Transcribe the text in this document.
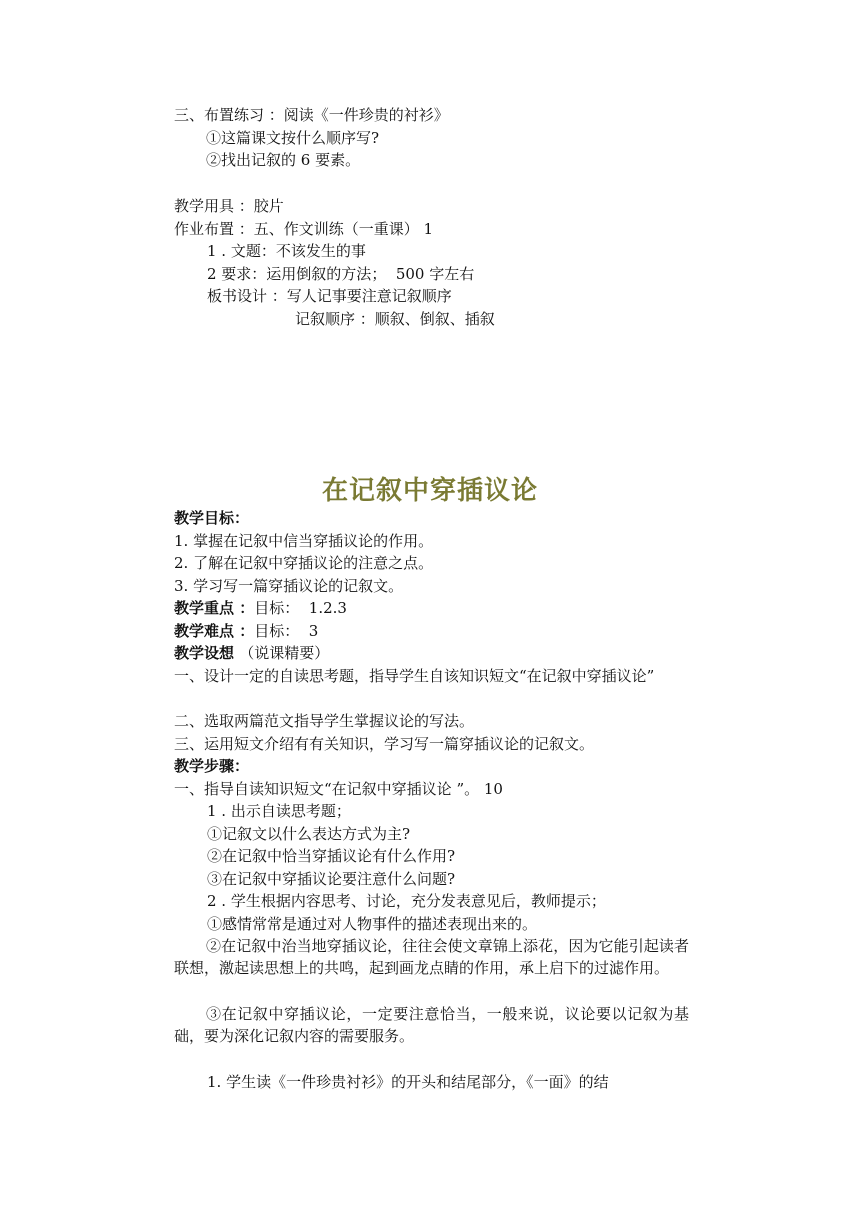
三、布置练习 ：阅读《一件珍贵的衬衫》
①这篇课文按什么顺序写?
②找出记叙的 6 要素。
教学用具 ：胶片
作业布置 ：五、作文训练（一重课） 1
1 . 文题：不该发生的事
2 要求：运用倒叙的方法；  500 字左右
板书设计 ：写人记事要注意记叙顺序
记叙顺序 ：顺叙、倒叙、插叙
在记叙中穿插议论
教学目标：
1. 掌握在记叙中信当穿插议论的作用。
2. 了解在记叙中穿插议论的注意之点。
3. 学习写一篇穿插议论的记叙文。
教学重点 ：目标：  1.2.3
教学难点 ：目标：  3
教学设想 （说课精要）
一、设计一定的自读思考题，指导学生自该知识短文“在记叙中穿插议论”
二、选取两篇范文指导学生掌握议论的写法。
三、运用短文介绍有有关知识，学习写一篇穿插议论的记叙文。
教学步骤：
一、指导自读知识短文“在记叙中穿插议论 ”。 10
1 . 出示自读思考题；
①记叙文以什么表达方式为主?
②在记叙中恰当穿插议论有什么作用?
③在记叙中穿插议论要注意什么问题?
2 . 学生根据内容思考、讨论，充分发表意见后，教师提示；
①感情常常是通过对人物事件的描述表现出来的。
②在记叙中治当地穿插议论，往往会使文章锦上添花，因为它能引起读者联想，激起读思想上的共鸣，起到画龙点睛的作用，承上启下的过滤作用。
③在记叙中穿插议论，一定要注意恰当，一般来说，议论要以记叙为基础，要为深化记叙内容的需要服务。
1. 学生读《一件珍贵衬衫》的开头和结尾部分，《一面》的结
